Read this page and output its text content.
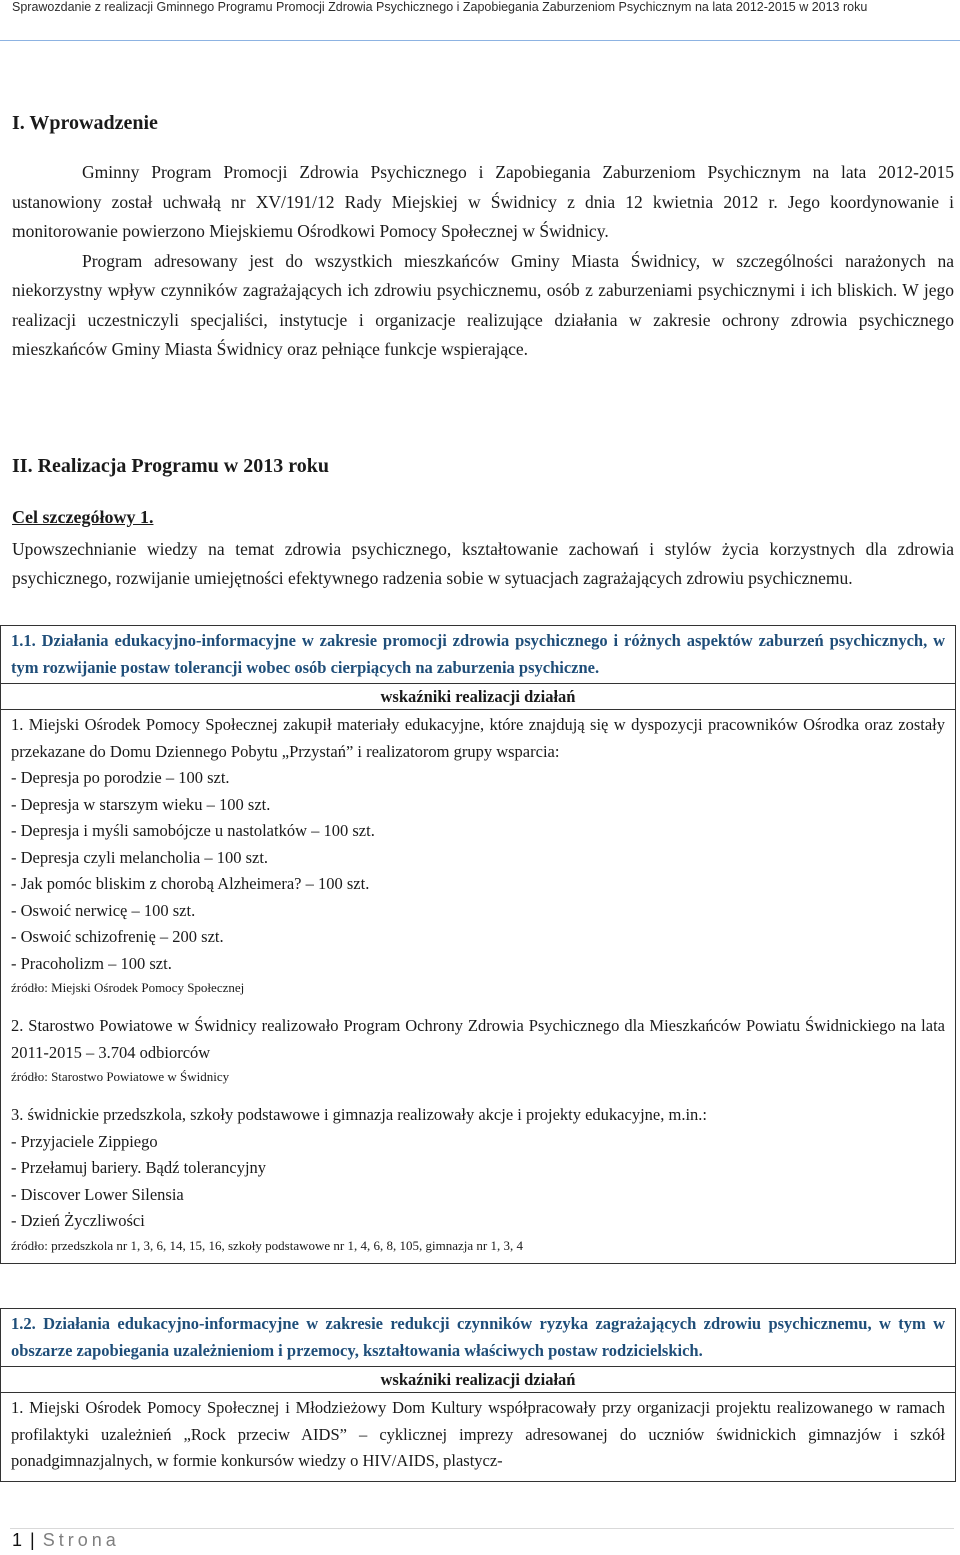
Sprawozdanie z realizacji Gminnego Programu Promocji Zdrowia Psychicznego i Zapobiegania Zaburzeniom Psychicznym na lata 2012-2015 w 2013 roku
I. Wprowadzenie

Gminny Program Promocji Zdrowia Psychicznego i Zapobiegania Zaburzeniom Psychicznym na lata 2012-2015 ustanowiony został uchwałą nr XV/191/12 Rady Miejskiej w Świdnicy z dnia 12 kwietnia 2012 r. Jego koordynowanie i monitorowanie powierzono Miejskiemu Ośrodkowi Pomocy Społecznej w Świdnicy.

Program adresowany jest do wszystkich mieszkańców Gminy Miasta Świdnicy, w szczególności narażonych na niekorzystny wpływ czynników zagrażających ich zdrowiu psychicznemu, osób z zaburzeniami psychicznymi i ich bliskich. W jego realizacji uczestniczyli specjaliści, instytucje i organizacje realizujące działania w zakresie ochrony zdrowia psychicznego mieszkańców Gminy Miasta Świdnicy oraz pełniące funkcje wspierające.

II. Realizacja Programu w 2013 roku
Cel szczegółowy 1.
Upowszechnianie wiedzy na temat zdrowia psychicznego, kształtowanie zachowań i stylów życia korzystnych dla zdrowia psychicznego, rozwijanie umiejętności efektywnego radzenia sobie w sytuacjach zagrażających zdrowiu psychicznemu.
1.1. Działania edukacyjno-informacyjne w zakresie promocji zdrowia psychicznego i różnych aspektów zaburzeń psychicznych, w tym rozwijanie postaw tolerancji wobec osób cierpiących na zaburzenia psychiczne.
wskaźniki realizacji działań

1. Miejski Ośrodek Pomocy Społecznej zakupił materiały edukacyjne, które znajdują się w dyspozycji pracowników Ośrodka oraz zostały przekazane do Domu Dziennego Pobytu „Przystań” i realizatorom grupy wsparcia:

- Depresja po porodzie – 100 szt.

- Depresja w starszym wieku – 100 szt.

- Depresja i myśli samobójcze u nastolatków – 100 szt.

- Depresja czyli melancholia – 100 szt.

- Jak pomóc bliskim z chorobą Alzheimera? – 100 szt.

- Oswoić nerwicę – 100 szt.

- Oswoić schizofrenię – 200 szt.

- Pracoholizm – 100 szt.

źródło: Miejski Ośrodek Pomocy Społecznej

2. Starostwo Powiatowe w Świdnicy realizowało Program Ochrony Zdrowia Psychicznego dla Mieszkańców Powiatu Świdnickiego na lata 2011-2015 – 3.704 odbiorców

źródło: Starostwo Powiatowe w Świdnicy

3. świdnickie przedszkola, szkoły podstawowe i gimnazja realizowały akcje i projekty edukacyjne, m.in.:

- Przyjaciele Zippiego

- Przełamuj bariery. Bądź tolerancyjny

- Discover Lower Silensia

- Dzień Życzliwości

źródło: przedszkola nr 1, 3, 6, 14, 15, 16, szkoły podstawowe nr 1, 4, 6, 8, 105, gimnazja nr 1, 3, 4

1.2. Działania edukacyjno-informacyjne w zakresie redukcji czynników ryzyka zagrażających zdrowiu psychicznemu, w tym w obszarze zapobiegania uzależnieniom i przemocy, kształtowania właściwych postaw rodzicielskich.
wskaźniki realizacji działań

1. Miejski Ośrodek Pomocy Społecznej i Młodzieżowy Dom Kultury współpracowały przy organizacji projektu realizowanego w ramach profilaktyki uzależnień „Rock przeciw AIDS” – cyklicznej imprezy adresowanej do uczniów świdnickich gimnazjów i szkół ponadgimnazjalnych, w formie konkursów wiedzy o HIV/AIDS, plastycz-

1 | Strona
